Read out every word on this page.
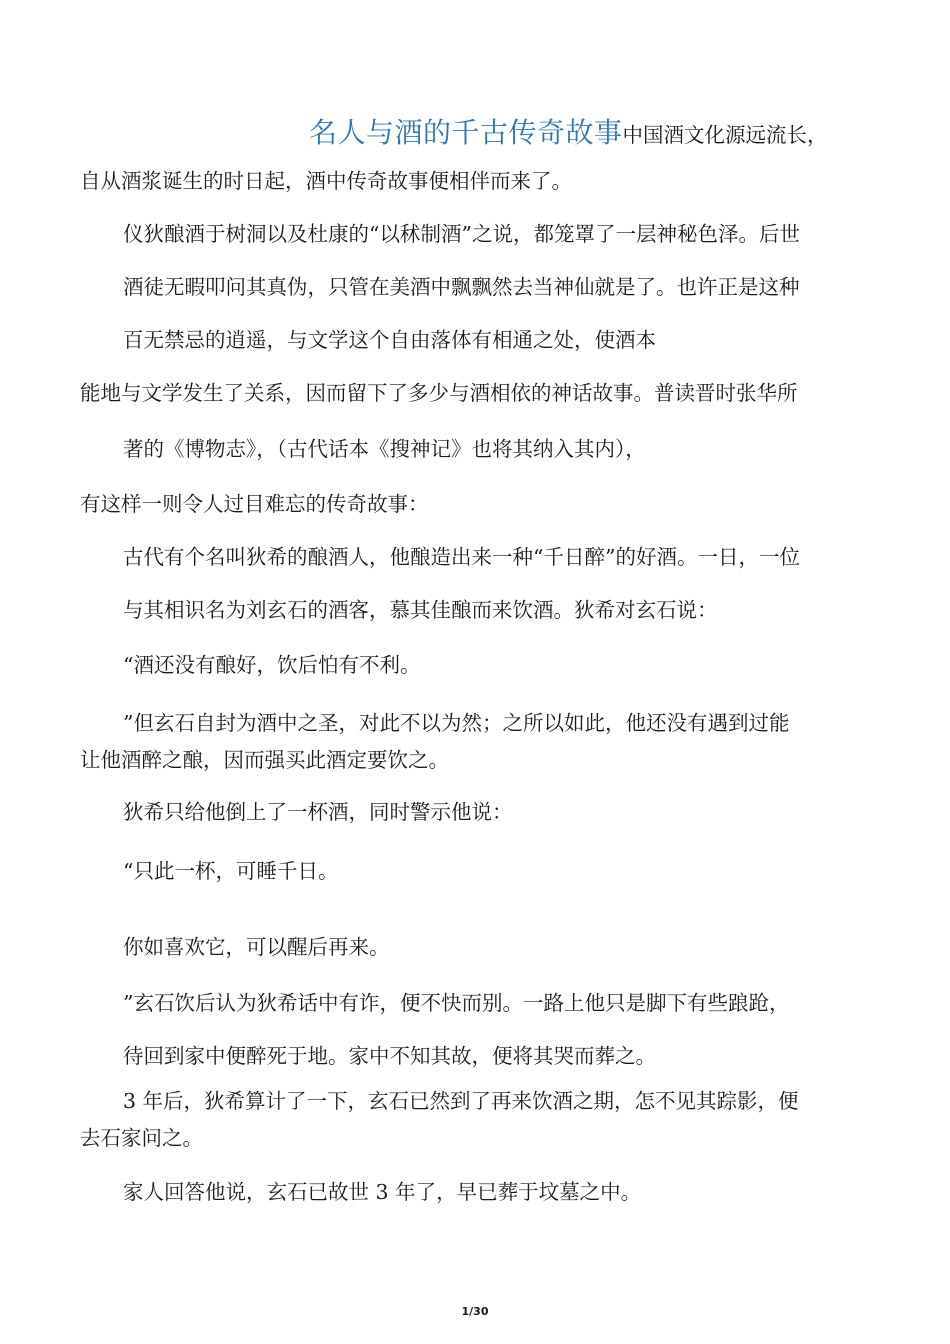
名人与酒的千古传奇故事中国酒文化源远流长，
自从酒浆诞生的时日起，酒中传奇故事便相伴而来了。
仪狄酿酒于树洞以及杜康的“以秫制酒”之说，都笼罩了一层神秘色泽。后世
酒徒无暇叩问其真伪，只管在美酒中飘飘然去当神仙就是了。也许正是这种
百无禁忌的逍遥，与文学这个自由落体有相通之处，使酒本
能地与文学发生了关系，因而留下了多少与酒相依的神话故事。普读晋时张华所
著的《博物志》，（古代话本《搜神记》也将其纳入其内），
有这样一则令人过目难忘的传奇故事：
古代有个名叫狄希的酿酒人，他酿造出来一种“千日醉”的好酒。一日，一位
与其相识名为刘玄石的酒客，慕其佳酿而来饮酒。狄希对玄石说：
“酒还没有酿好，饮后怕有不利。
”但玄石自封为酒中之圣，对此不以为然；之所以如此，他还没有遇到过能
让他酒醉之酿，因而强买此酒定要饮之。
狄希只给他倒上了一杯酒，同时警示他说：
“只此一杯，可睡千日。
你如喜欢它，可以醒后再来。
”玄石饮后认为狄希话中有诈，便不快而别。一路上他只是脚下有些踉跄，
待回到家中便醉死于地。家中不知其故，便将其哭而葬之。
3 年后，狄希算计了一下，玄石已然到了再来饮酒之期，怎不见其踪影，便
去石家问之。
家人回答他说，玄石已故世 3 年了，早已葬于坟墓之中。
1/30
